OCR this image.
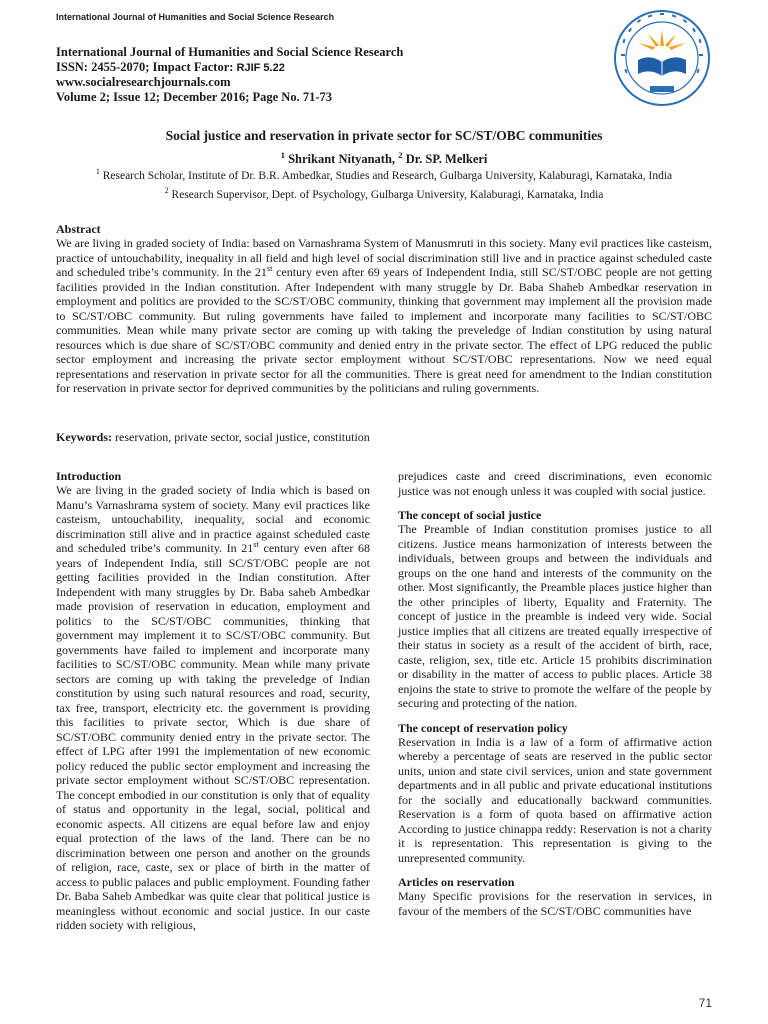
International Journal of Humanities and Social Science Research
International Journal of Humanities and Social Science Research
ISSN: 2455-2070; Impact Factor: RJIF 5.22
www.socialresearchjournals.com
Volume 2; Issue 12; December 2016; Page No. 71-73
Social justice and reservation in private sector for SC/ST/OBC communities
$^1$ Shrikant Nityanath, $^2$ Dr. SP. Melkeri
$^1$ Research Scholar, Institute of Dr. B.R. Ambedkar, Studies and Research, Gulbarga University, Kalaburagi, Karnataka, India
$^2$ Research Supervisor, Dept. of Psychology, Gulbarga University, Kalaburagi, Karnataka, India
Abstract
We are living in graded society of India: based on Varnashrama System of Manusmruti in this society. Many evil practices like casteism, practice of untouchability, inequality in all field and high level of social discrimination still live and in practice against scheduled caste and scheduled tribe’s community. In the 21st century even after 69 years of Independent India, still SC/ST/OBC people are not getting facilities provided in the Indian constitution. After Independent with many struggle by Dr. Baba Shaheb Ambedkar reservation in employment and politics are provided to the SC/ST/OBC community, thinking that government may implement all the provision made to SC/ST/OBC community. But ruling governments have failed to implement and incorporate many facilities to SC/ST/OBC communities. Mean while many private sector are coming up with taking the preveledge of Indian constitution by using natural resources which is due share of SC/ST/OBC community and denied entry in the private sector. The effect of LPG reduced the public sector employment and increasing the private sector employment without SC/ST/OBC representations. Now we need equal representations and reservation in private sector for all the communities. There is great need for amendment to the Indian constitution for reservation in private sector for deprived communities by the politicians and ruling governments.
Keywords: reservation, private sector, social justice, constitution
Introduction

We are living in the graded society of India which is based on Manu’s Varnashrama system of society. Many evil practices like casteism, untouchability, inequality, social and economic discrimination still alive and in practice against scheduled caste and scheduled tribe’s community. In 21st century even after 68 years of Independent India, still SC/ST/OBC people are not getting facilities provided in the Indian constitution. After Independent with many struggles by Dr. Baba saheb Ambedkar made provision of reservation in education, employment and politics to the SC/ST/OBC communities, thinking that government may implement it to SC/ST/OBC community. But governments have failed to implement and incorporate many facilities to SC/ST/OBC community. Mean while many private sectors are coming up with taking the preveledge of Indian constitution by using such natural resources and road, security, tax free, transport, electricity etc. the government is providing this facilities to private sector, Which is due share of SC/ST/OBC community denied entry in the private sector. The effect of LPG after 1991 the implementation of new economic policy reduced the public sector employment and increasing the private sector employment without SC/ST/OBC representation. The concept embodied in our constitution is only that of equality of status and opportunity in the legal, social, political and economic aspects. All citizens are equal before law and enjoy equal protection of the laws of the land. There can be no discrimination between one person and another on the grounds of religion, race, caste, sex or place of birth in the matter of access to public palaces and public employment. Founding father Dr. Baba Saheb Ambedkar was quite clear that political justice is meaningless without economic and social justice. In our caste ridden society with religious,

prejudices caste and creed discriminations, even economic justice was not enough unless it was coupled with social justice.

The concept of social justice

The Preamble of Indian constitution promises justice to all citizens. Justice means harmonization of interests between the individuals, between groups and between the individuals and groups on the one hand and interests of the community on the other. Most significantly, the Preamble places justice higher than the other principles of liberty, Equality and Fraternity. The concept of justice in the preamble is indeed very wide. Social justice implies that all citizens are treated equally irrespective of their status in society as a result of the accident of birth, race, caste, religion, sex, title etc. Article 15 prohibits discrimination or disability in the matter of access to public places. Article 38 enjoins the state to strive to promote the welfare of the people by securing and protecting of the nation.

The concept of reservation policy

Reservation in India is a law of a form of affirmative action whereby a percentage of seats are reserved in the public sector units, union and state civil services, union and state government departments and in all public and private educational institutions for the socially and educationally backward communities. Reservation is a form of quota based on affirmative action According to justice chinappa reddy: Reservation is not a charity it is representation. This representation is giving to the unrepresented community.

Articles on reservation

Many Specific provisions for the reservation in services, in favour of the members of the SC/ST/OBC communities have

71
